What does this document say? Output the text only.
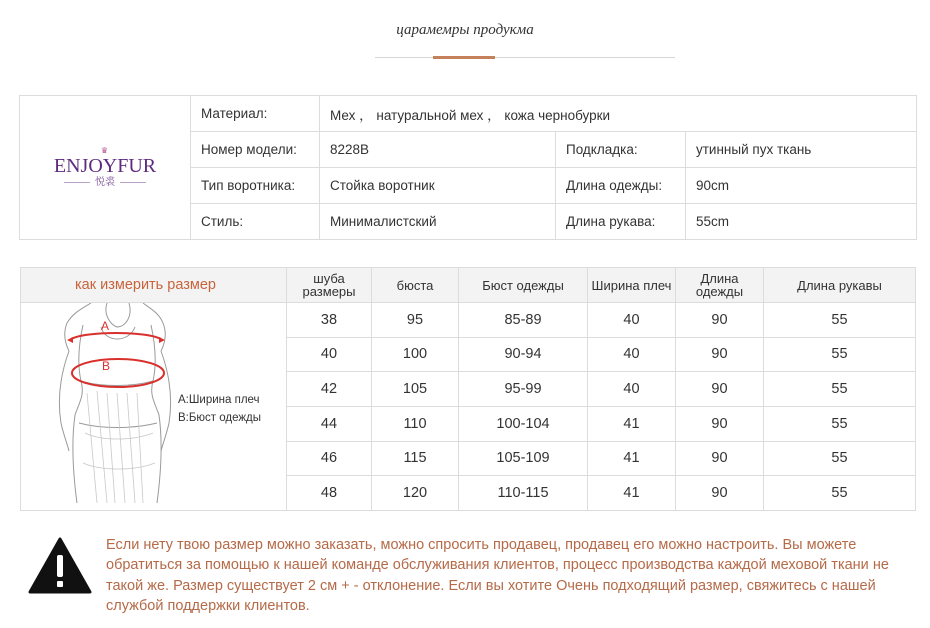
царамемры продукма
♛
ENJOYFUR
悦裘	Материал:	Мех ， натуральной мех ， кожа чернобурки		
	Номер модели:	8228B	Подкладка:	утинный пух ткань
	Тип воротника:	Стойка воротник	Длина одежды:	90cm
	Стиль:	Минималистский	Длина рукава:	55cm
как измерить размер	шуба размеры	бюста	Бюст одежды	Ширина плеч	Длина одежды	Длина рукавы

A
B
A:Ширина плеч
B:Бюст одежды	38	95	85-89	40	90	55
	40	100	90-94	40	90	55
	42	105	95-99	40	90	55
	44	110	100-104	41	90	55
	46	115	105-109	41	90	55
	48	120	110-115	41	90	55
Если нету твою размер можно заказать, можно спросить продавец, продавец его можно настроить. Вы можете обратиться за помощью к нашей команде обслуживания клиентов, процесс производства каждой меховой ткани не такой же. Размер существует 2 см + - отклонение. Если вы хотите Очень подходящий размер, свяжитесь с нашей службой поддержки клиентов.
